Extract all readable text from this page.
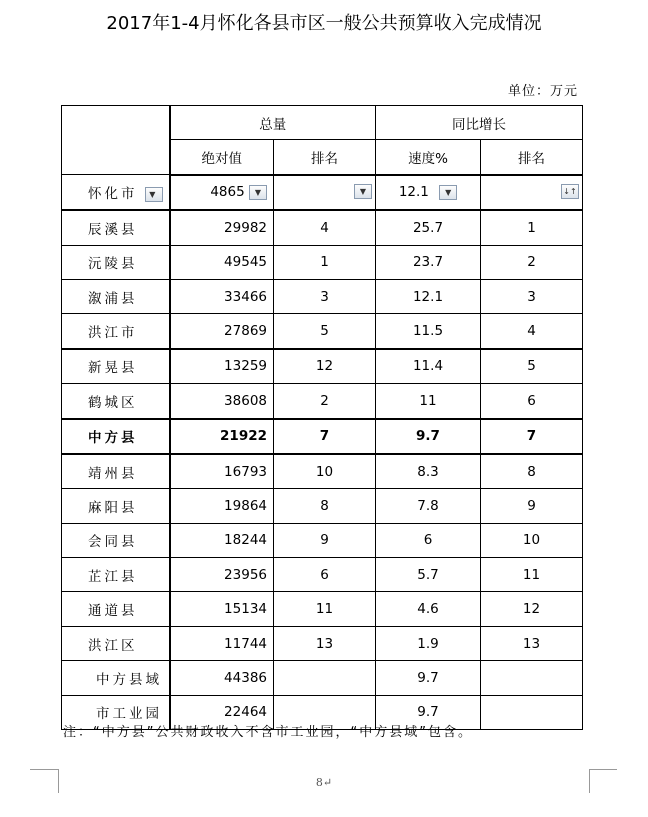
2017年1-4月怀化各县市区一般公共预算收入完成情况
单位：万元
	总量		同比增长	
	绝对值	排名	速度%	排名
怀化市 ▼	4865 ▼	▼	12.1 ▼	↓↑

辰溪县	29982	4	25.7	1
沅陵县	49545	1	23.7	2
溆浦县	33466	3	12.1	3
洪江市	27869	5	11.5	4
新晃县	13259	12	11.4	5
鹤城区	38608	2	11	6
中方县	21922	7	9.7	7
靖州县	16793	10	8.3	8
麻阳县	19864	8	7.8	9
会同县	18244	9	6	10
芷江县	23956	6	5.7	11
通道县	15134	11	4.6	12
洪江区	11744	13	1.9	13
中方县域	44386		9.7	
市工业园	22464		9.7	
注：“中方县”公共财政收入不含市工业园，“中方县域”包含。
8↵
